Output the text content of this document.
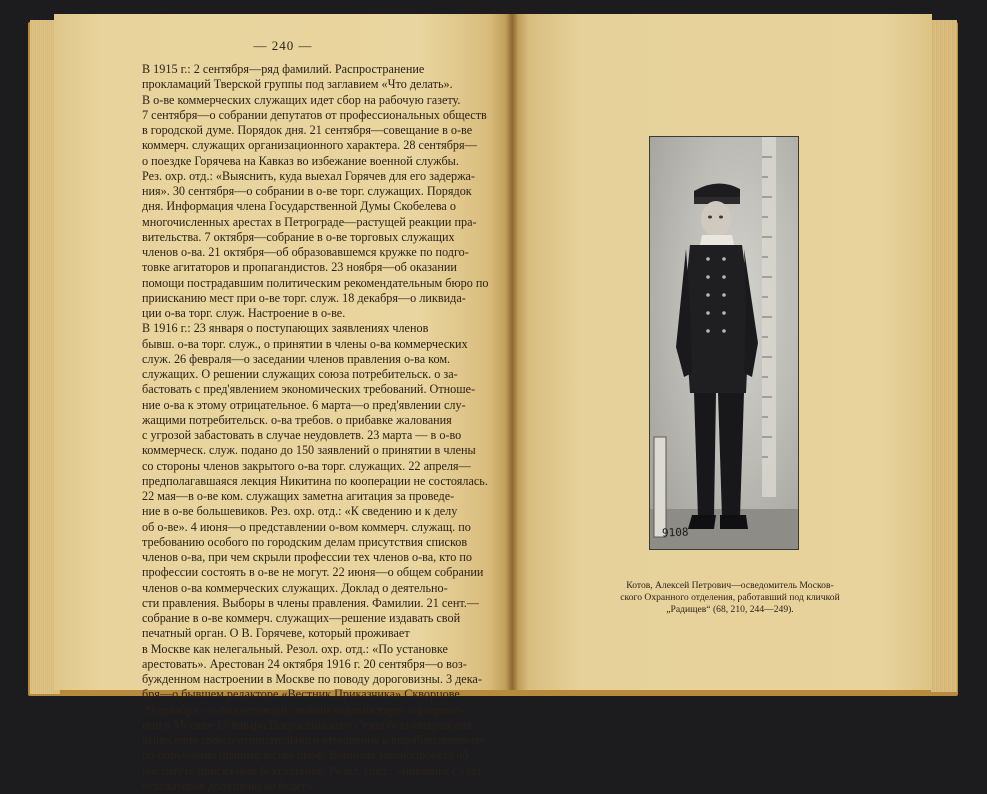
— 240 —

В 1915 г.: 2 сентября—ряд фамилий. Распространение
прокламаций Тверской группы под заглавием «Что делать».
В о-ве коммерческих служащих идет сбор на рабочую газету.
7 сентября—о собрании депутатов от профессиональных обществ
в городской думе. Порядок дня. 21 сентября—совещание в о-ве
коммерч. служащих организационного характера. 28 сентября—
о поездке Горячева на Кавказ во избежание военной службы.
Рез. охр. отд.: «Выяснить, куда выехал Горячев для его задержа-
ния». 30 сентября—о собрании в о-ве торг. служащих. Порядок
дня. Информация члена Государственной Думы Скобелева о
многочисленных арестах в Петрограде—растущей реакции пра-
вительства. 7 октября—собрание в о-ве торговых служащих
членов о-ва. 21 октября—об образовавшемся кружке по подго-
товке агитаторов и пропагандистов. 23 ноября—об оказании
помощи пострадавшим политическим рекомендательным бюро по
приисканию мест при о-ве торг. служ. 18 декабря—о ликвида-
ции о-ва торг. служ. Настроение в о-ве.

В 1916 г.: 23 января о поступающих заявлениях членов
бывш. о-ва торг. служ., о принятии в члены о-ва коммерческих
служ. 26 февраля—о заседании членов правления о-ва ком.
служащих. О решении служащих союза потребительск. о за-
бастовать с пред'явлением экономических требований. Отноше-
ние о-ва к этому отрицательное. 6 марта—о пред'явлении слу-
жащими потребительск. о-ва требов. о прибавке жалования
с угрозой забастовать в случае неудовлетв. 23 марта — в о-во
коммерческ. служ. подано до 150 заявлений о принятии в члены
со стороны членов закрытого о-ва торг. служащих. 22 апреля—
предполагавшаяся лекция Никитина по кооперации не состоялась.
22 мая—в о-ве ком. служащих заметна агитация за проведе-
ние в о-ве большевиков. Рез. охр. отд.: «К сведению и к делу
об о-ве». 4 июня—о представлении о-вом коммерч. служащ. по
требованию особого по городским делам присутствия списков
членов о-ва, при чем скрыли профессии тех членов о-ва, кто по
профессии состоять в о-ве не могут. 22 июня—о общем собрании
членов о-ва коммерческих служащих. Доклад о деятельно-
сти правления. Выборы в члены правления. Фамилии. 21 сент.—
собрание в о-ве коммерч. служащих—решение издавать свой
печатный орган. О В. Горячеве, который проживает
в Москве как нелегальный. Резол. охр. отд.: «По установке
арестовать». Арестован 24 октября 1916 г. 20 сентября—о воз-
бужденном настроении в Москве по поводу дороговизны. 3 дека-
бря—о бывшем редакторе «Вестник Приказчика» Скворцове.
20 декабря—о-во счетоводн. знаний ходатайствует о разреше-
нии в Москве 17 января Всероссийского с'езда бухгалтеров для
вынесения своего отрицательного отношения к вырабатываемому
по поручению правительства проф. Ворисом законопроекта об
институте присяжных бухгалтеров. Резол. град.: «никакого с'езда
бухгалтеров допущено не будет».

9108
Котов, Алексей Петрович—осведомитель Москов-
ского Охранного отделения, работавший под кличкой
„Радищев“ (68, 210, 244—249).
